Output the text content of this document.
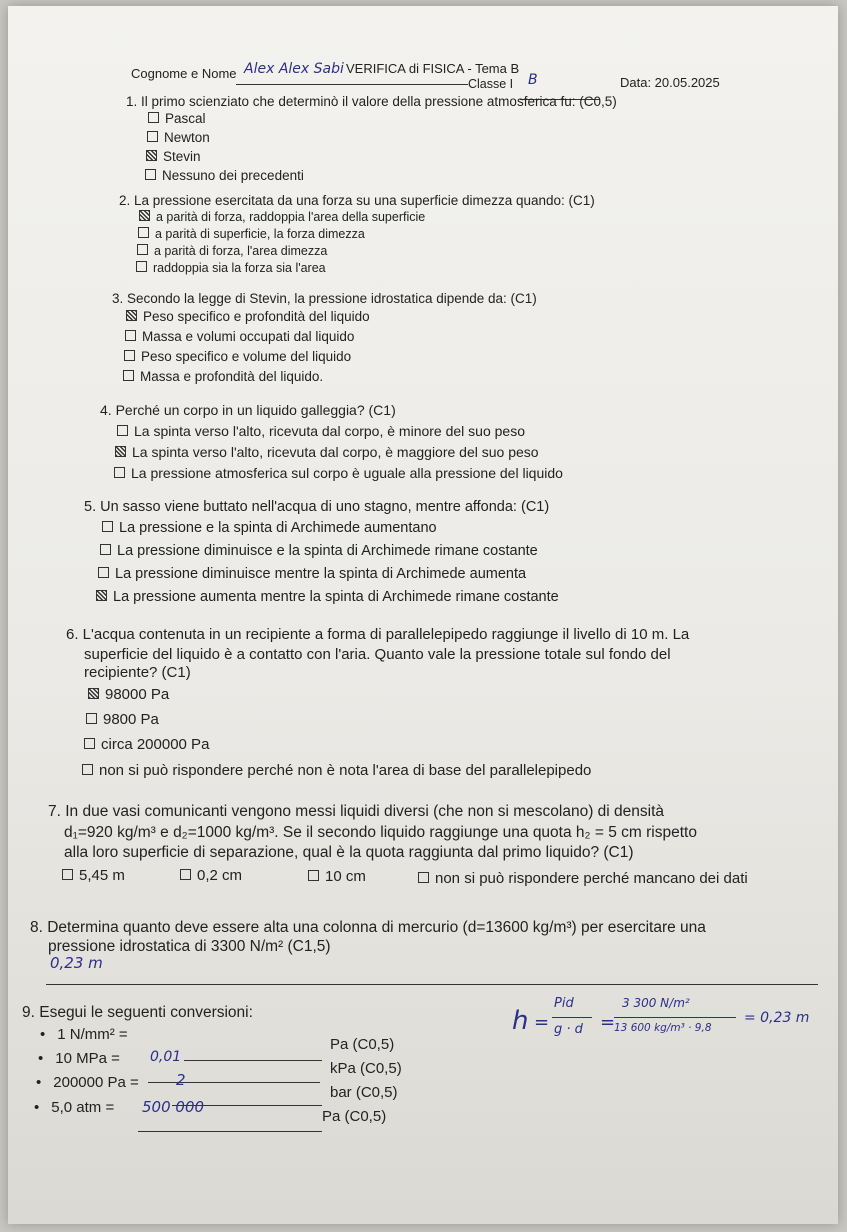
Cognome e Nome Alex Alex Sabi VERIFICA di FISICA - Tema B
Classe I B	Data: 20.05.2025
1. Il primo scienziato che determinò il valore della pressione atmosferica fu: (C0,5)
Pascal
Newton
Stevin
Nessuno dei precedenti
2. La pressione esercitata da una forza su una superficie dimezza quando: (C1)
a parità di forza, raddoppia l'area della superficie
a parità di superficie, la forza dimezza
a parità di forza, l'area dimezza
raddoppia sia la forza sia l'area
3. Secondo la legge di Stevin, la pressione idrostatica dipende da: (C1)
Peso specifico e profondità del liquido
Massa e volumi occupati dal liquido
Peso specifico e volume del liquido
Massa e profondità del liquido.
4. Perché un corpo in un liquido galleggia? (C1)
La spinta verso l'alto, ricevuta dal corpo, è minore del suo peso
La spinta verso l'alto, ricevuta dal corpo, è maggiore del suo peso
La pressione atmosferica sul corpo è uguale alla pressione del liquido
5. Un sasso viene buttato nell'acqua di uno stagno, mentre affonda: (C1)
La pressione e la spinta di Archimede aumentano
La pressione diminuisce e la spinta di Archimede rimane costante
La pressione diminuisce mentre la spinta di Archimede aumenta
La pressione aumenta mentre la spinta di Archimede rimane costante
6. L'acqua contenuta in un recipiente a forma di parallelepipedo raggiunge il livello di 10 m. La
superficie del liquido è a contatto con l'aria. Quanto vale la pressione totale sul fondo del
recipiente? (C1)
98000 Pa
9800 Pa
circa 200000 Pa
non si può rispondere perché non è nota l'area di base del parallelepipedo
7. In due vasi comunicanti vengono messi liquidi diversi (che non si mescolano) di densità
d₁=920 kg/m³ e d₂=1000 kg/m³. Se il secondo liquido raggiunge una quota h₂ = 5 cm rispetto
alla loro superficie di separazione, qual è la quota raggiunta dal primo liquido? (C1)
5,45 m	0,2 cm	10 cm	non si può rispondere perché mancano dei dati
8. Determina quanto deve essere alta una colonna di mercurio (d=13600 kg/m³) per esercitare una
pressione idrostatica di 3300 N/m² (C1,5)
0,23 m
9. Esegui le seguenti conversioni:
• 1 N/mm² =
Pa (C0,5)
• 10 MPa = 0,01
kPa (C0,5)
• 200000 Pa = 2
bar (C0,5)
• 5,0 atm = 500 000
Pa (C0,5)
h =
Pid
g · d =
3 300 N/m²
13 600 kg/m³ · 9,8
= 0,23 m
